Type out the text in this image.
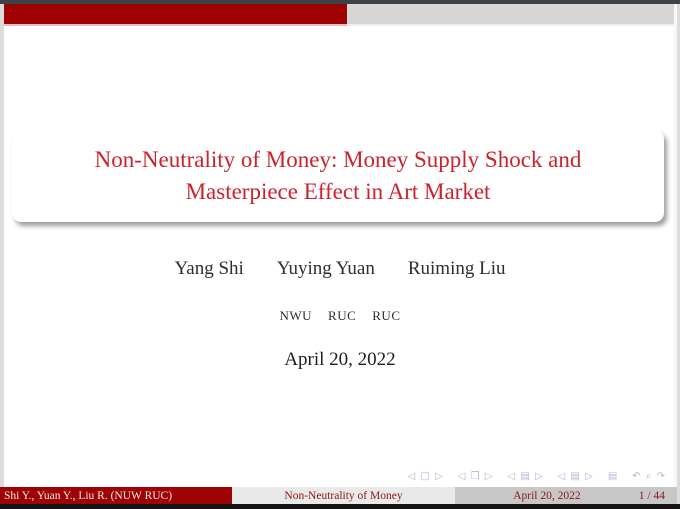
Non-Neutrality of Money: Money Supply Shock and
Masterpiece Effect in Art Market
Yang Shi Yuying Yuan Ruiming Liu
NWU RUC RUC
April 20, 2022
◁ □ ▷ ◁ ❐ ▷ ◁ ▤ ▷ ◁ ▤ ▷ ▤ ↶ ⌕ ↷
Shi Y., Yuan Y., Liu R. (NUW RUC)	Non-Neutrality of Money	April 20, 2022	1 / 44
